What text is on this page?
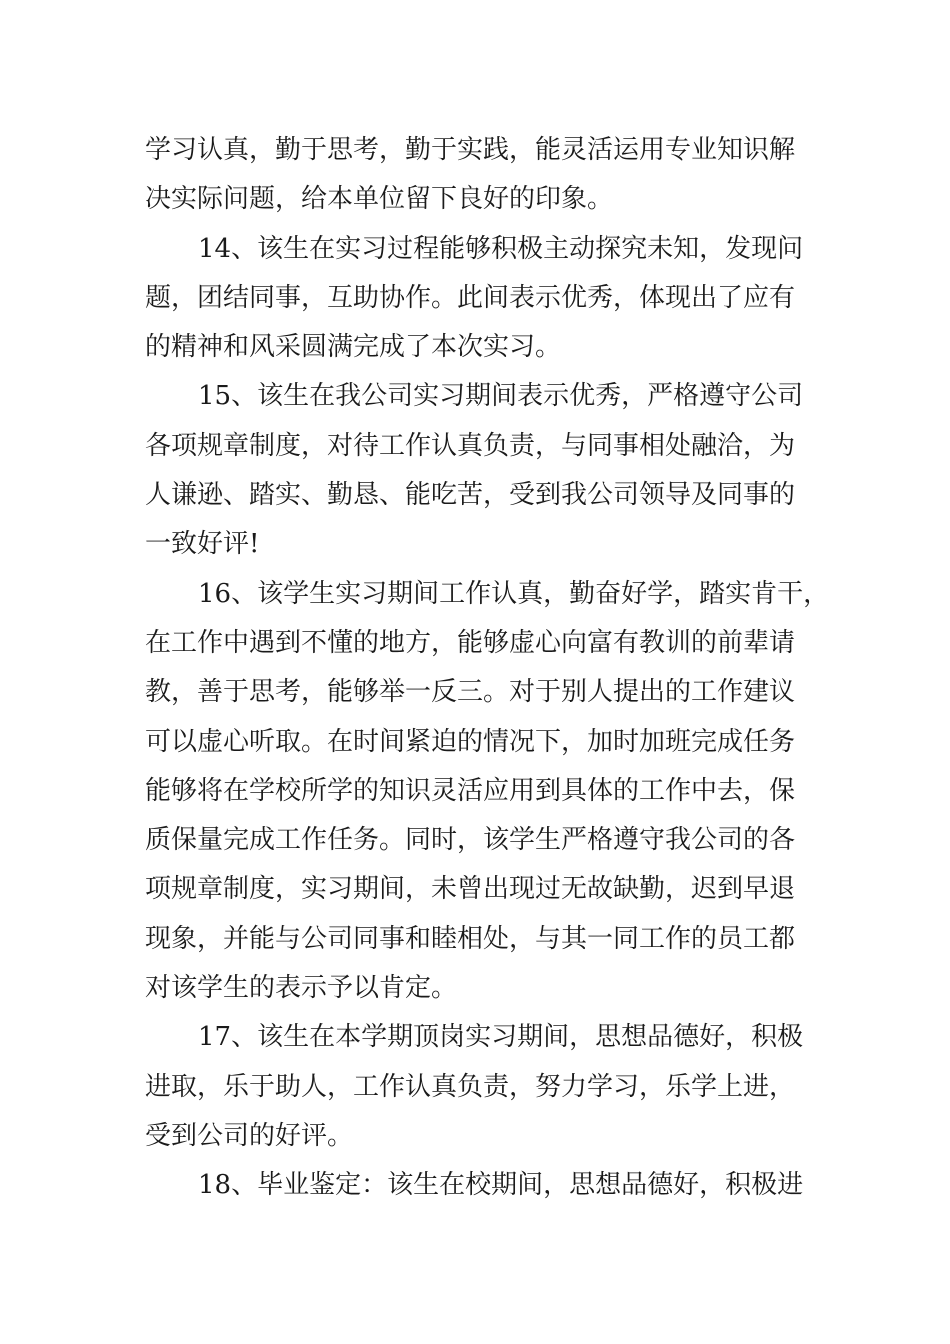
学习认真，勤于思考，勤于实践，能灵活运用专业知识解
决实际问题，给本单位留下良好的印象。
14、该生在实习过程能够积极主动探究未知，发现问
题，团结同事，互助协作。此间表示优秀，体现出了应有
的精神和风采圆满完成了本次实习。
15、该生在我公司实习期间表示优秀，严格遵守公司
各项规章制度，对待工作认真负责，与同事相处融洽，为
人谦逊、踏实、勤恳、能吃苦，受到我公司领导及同事的
一致好评!
16、该学生实习期间工作认真，勤奋好学，踏实肯干，
在工作中遇到不懂的地方，能够虚心向富有教训的前辈请
教，善于思考，能够举一反三。对于别人提出的工作建议
可以虚心听取。在时间紧迫的情况下，加时加班完成任务
能够将在学校所学的知识灵活应用到具体的工作中去，保
质保量完成工作任务。同时，该学生严格遵守我公司的各
项规章制度，实习期间，未曾出现过无故缺勤，迟到早退
现象，并能与公司同事和睦相处，与其一同工作的员工都
对该学生的表示予以肯定。
17、该生在本学期顶岗实习期间，思想品德好，积极
进取，乐于助人，工作认真负责，努力学习，乐学上进，
受到公司的好评。
18、毕业鉴定：该生在校期间，思想品德好，积极进
